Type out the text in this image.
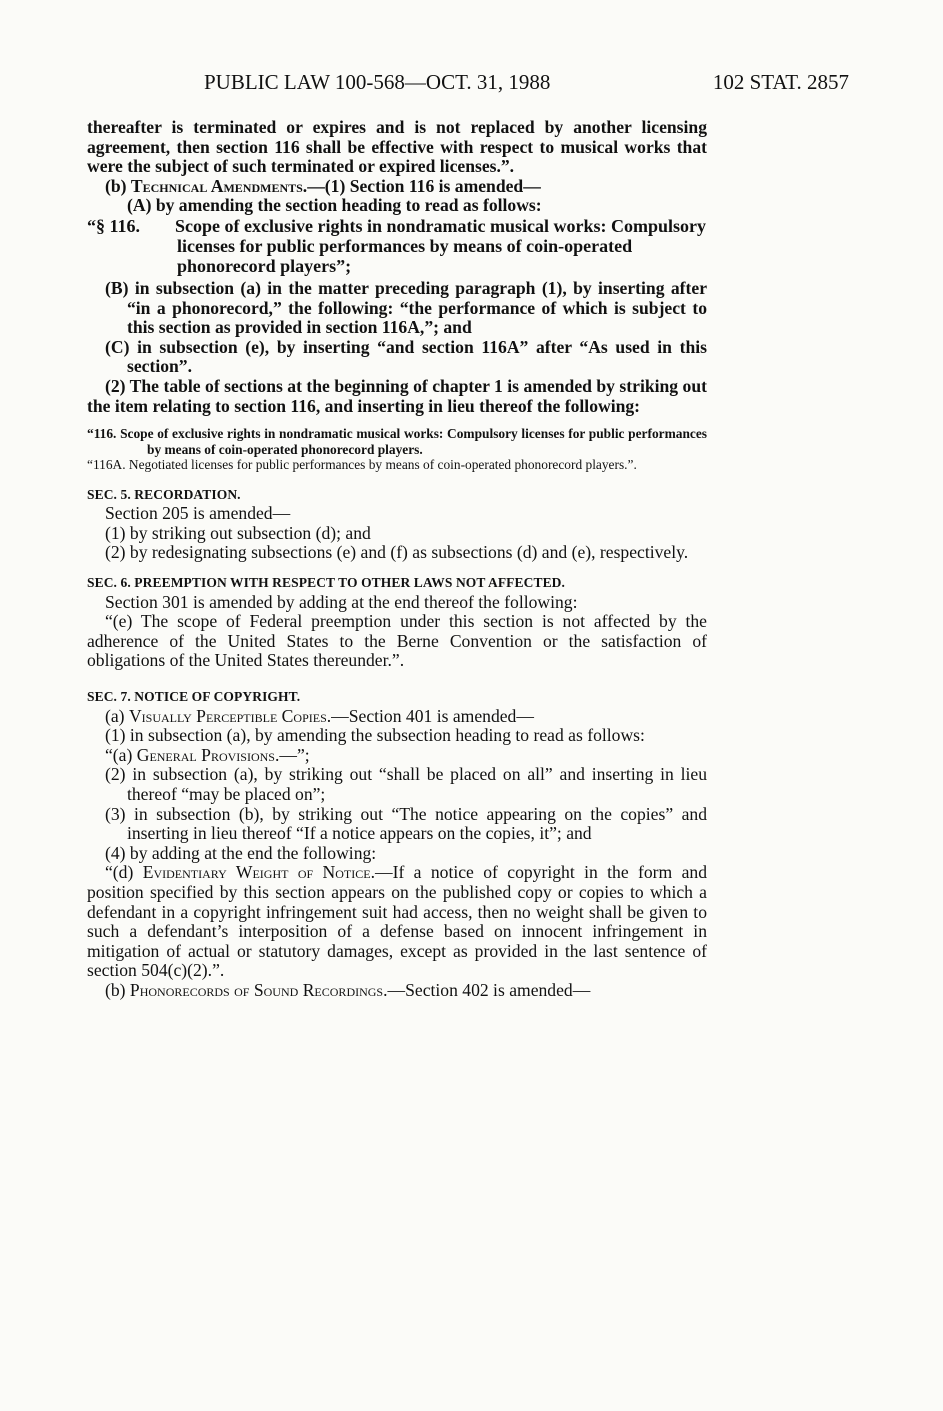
PUBLIC LAW 100-568—OCT. 31, 1988	102 STAT. 2857

thereafter is terminated or expires and is not replaced by another licensing agreement, then section 116 shall be effective with respect to musical works that were the subject of such terminated or expired licenses.”.

(b) Technical Amendments.—(1) Section 116 is amended—

(A) by amending the section heading to read as follows:

“§ 116. Scope of exclusive rights in nondramatic musical works: Compulsory licenses for public performances by means of coin-operated phonorecord players”;

(B) in subsection (a) in the matter preceding paragraph (1), by inserting after “in a phonorecord,” the following: “the performance of which is subject to this section as provided in section 116A,”; and

(C) in subsection (e), by inserting “and section 116A” after “As used in this section”.

(2) The table of sections at the beginning of chapter 1 is amended by striking out the item relating to section 116, and inserting in lieu thereof the following:

“116. Scope of exclusive rights in nondramatic musical works: Compulsory licenses for public performances by means of coin-operated phonorecord players.

“116A. Negotiated licenses for public performances by means of coin-operated phonorecord players.”.

SEC. 5. RECORDATION.

Section 205 is amended—

(1) by striking out subsection (d); and

(2) by redesignating subsections (e) and (f) as subsections (d) and (e), respectively.

SEC. 6. PREEMPTION WITH RESPECT TO OTHER LAWS NOT AFFECTED.

Section 301 is amended by adding at the end thereof the following:

“(e) The scope of Federal preemption under this section is not affected by the adherence of the United States to the Berne Convention or the satisfaction of obligations of the United States thereunder.”.

SEC. 7. NOTICE OF COPYRIGHT.

(a) Visually Perceptible Copies.—Section 401 is amended—

(1) in subsection (a), by amending the subsection heading to read as follows:

“(a) General Provisions.—”;

(2) in subsection (a), by striking out “shall be placed on all” and inserting in lieu thereof “may be placed on”;

(3) in subsection (b), by striking out “The notice appearing on the copies” and inserting in lieu thereof “If a notice appears on the copies, it”; and

(4) by adding at the end the following:

“(d) Evidentiary Weight of Notice.—If a notice of copyright in the form and position specified by this section appears on the published copy or copies to which a defendant in a copyright infringement suit had access, then no weight shall be given to such a defendant’s interposition of a defense based on innocent infringement in mitigation of actual or statutory damages, except as provided in the last sentence of section 504(c)(2).”.

(b) Phonorecords of Sound Recordings.—Section 402 is amended—
